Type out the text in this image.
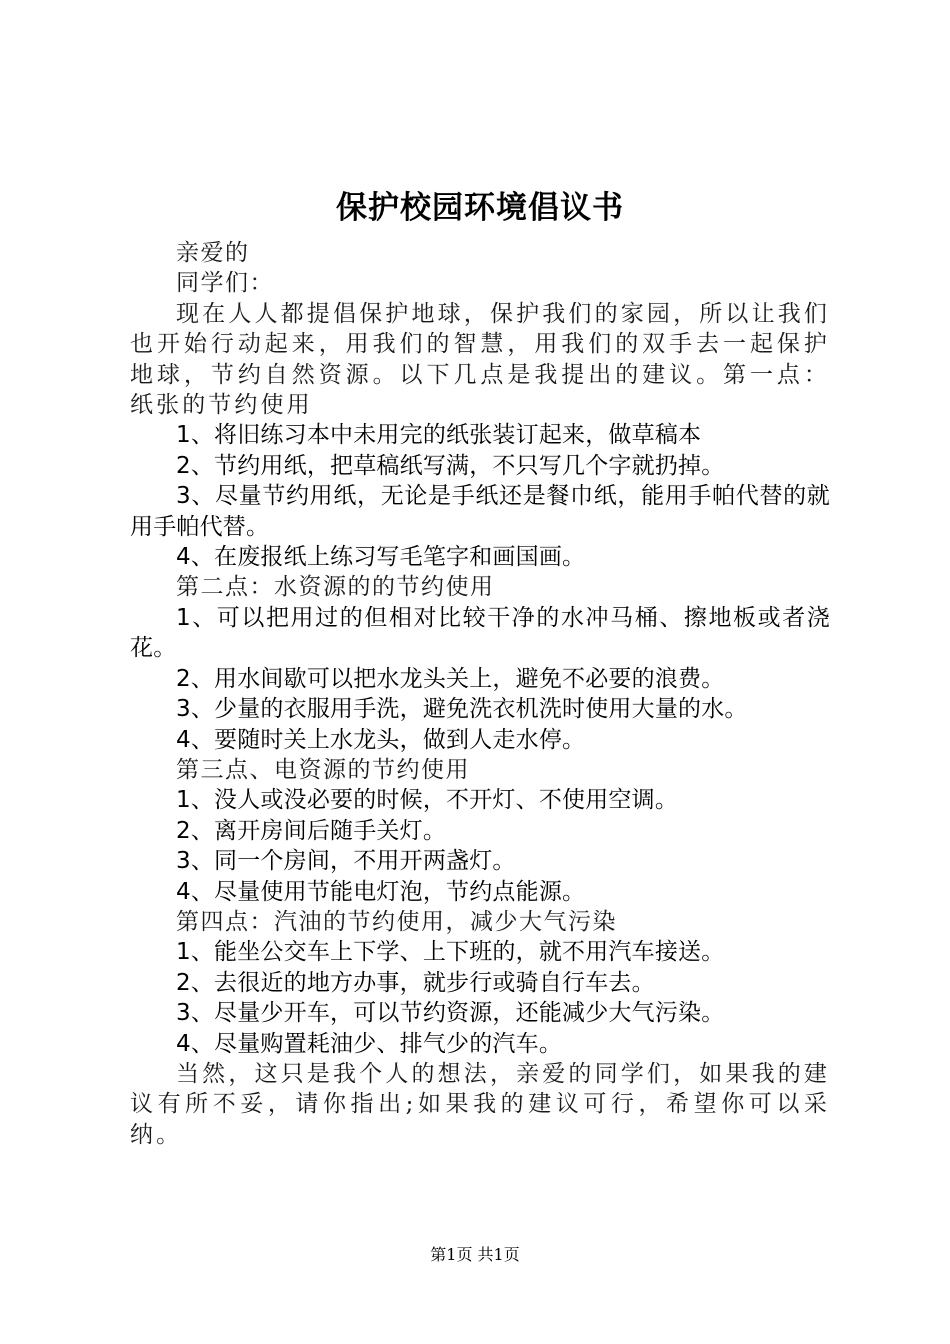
保护校园环境倡议书

亲爱的

同学们：

现在人人都提倡保护地球，保护我们的家园，所以让我们也开始行动起来，用我们的智慧，用我们的双手去一起保护地球，节约自然资源。以下几点是我提出的建议。第一点：纸张的节约使用

1、将旧练习本中未用完的纸张装订起来，做草稿本

2、节约用纸，把草稿纸写满，不只写几个字就扔掉。

3、尽量节约用纸，无论是手纸还是餐巾纸，能用手帕代替的就用手帕代替。

4、在废报纸上练习写毛笔字和画国画。

第二点：水资源的的节约使用

1、可以把用过的但相对比较干净的水冲马桶、擦地板或者浇花。

2、用水间歇可以把水龙头关上，避免不必要的浪费。

3、少量的衣服用手洗，避免洗衣机洗时使用大量的水。

4、要随时关上水龙头，做到人走水停。

第三点、电资源的节约使用

1、没人或没必要的时候，不开灯、不使用空调。

2、离开房间后随手关灯。

3、同一个房间，不用开两盏灯。

4、尽量使用节能电灯泡，节约点能源。

第四点：汽油的节约使用，减少大气污染

1、能坐公交车上下学、上下班的，就不用汽车接送。

2、去很近的地方办事，就步行或骑自行车去。

3、尽量少开车，可以节约资源，还能减少大气污染。

4、尽量购置耗油少、排气少的汽车。

当然，这只是我个人的想法，亲爱的同学们，如果我的建议有所不妥，请你指出;如果我的建议可行，希望你可以采纳。

第1页 共1页
